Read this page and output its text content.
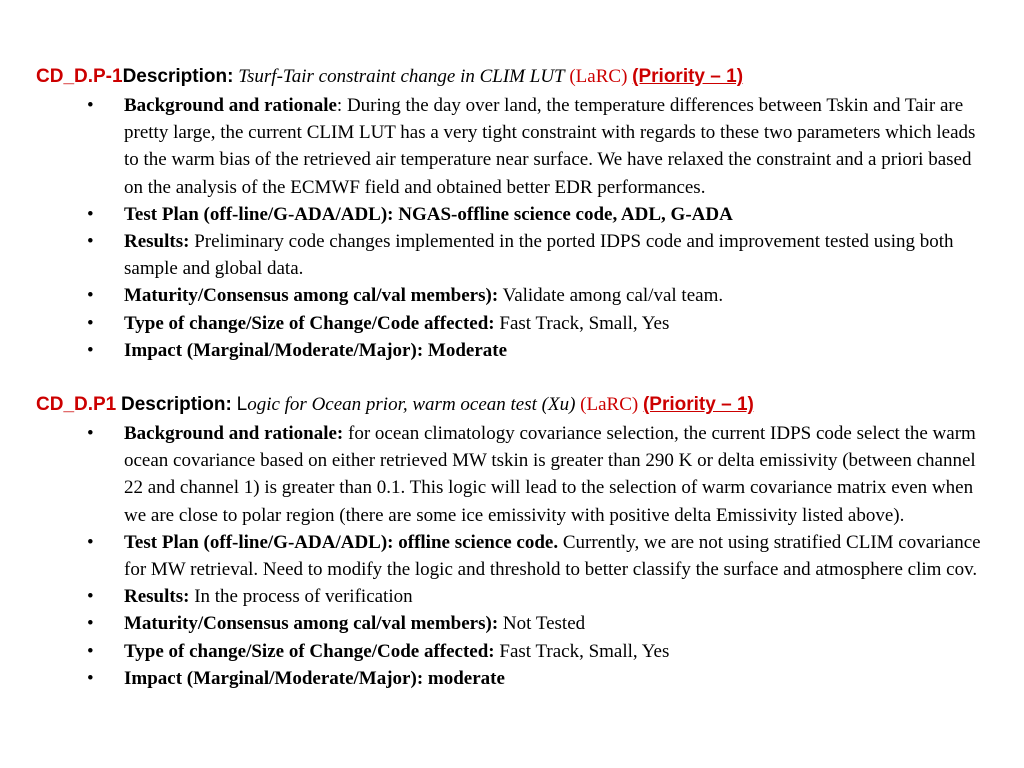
CD_D.P-1Description: Tsurf-Tair constraint change in CLIM LUT (LaRC) (Priority – 1)
• Background and rationale: During the day over land, the temperature differences between Tskin and Tair are pretty large, the current CLIM LUT has a very tight constraint with regards to these two parameters which leads to the warm bias of the retrieved air temperature near surface. We have relaxed the constraint and a priori based on the analysis of the ECMWF field and obtained better EDR performances.
• Test Plan (off-line/G-ADA/ADL): NGAS-offline science code, ADL, G-ADA
• Results: Preliminary code changes implemented in the ported IDPS code and improvement tested using both sample and global data.
• Maturity/Consensus among cal/val members): Validate among cal/val team.
• Type of change/Size of Change/Code affected: Fast Track, Small, Yes
• Impact (Marginal/Moderate/Major): Moderate
CD_D.P1 Description: Logic for Ocean prior, warm ocean test (Xu) (LaRC) (Priority – 1)
• Background and rationale: for ocean climatology covariance selection, the current IDPS code select the warm ocean covariance based on either retrieved MW tskin is greater than 290 K or delta emissivity (between channel 22 and channel 1) is greater than 0.1. This logic will lead to the selection of warm covariance matrix even when we are close to polar region (there are some ice emissivity with positive delta Emissivity listed above).
• Test Plan (off-line/G-ADA/ADL): offline science code. Currently, we are not using stratified CLIM covariance for MW retrieval. Need to modify the logic and threshold to better classify the surface and atmosphere clim cov.
• Results: In the process of verification
• Maturity/Consensus among cal/val members): Not Tested
• Type of change/Size of Change/Code affected: Fast Track, Small, Yes
• Impact (Marginal/Moderate/Major): moderate
